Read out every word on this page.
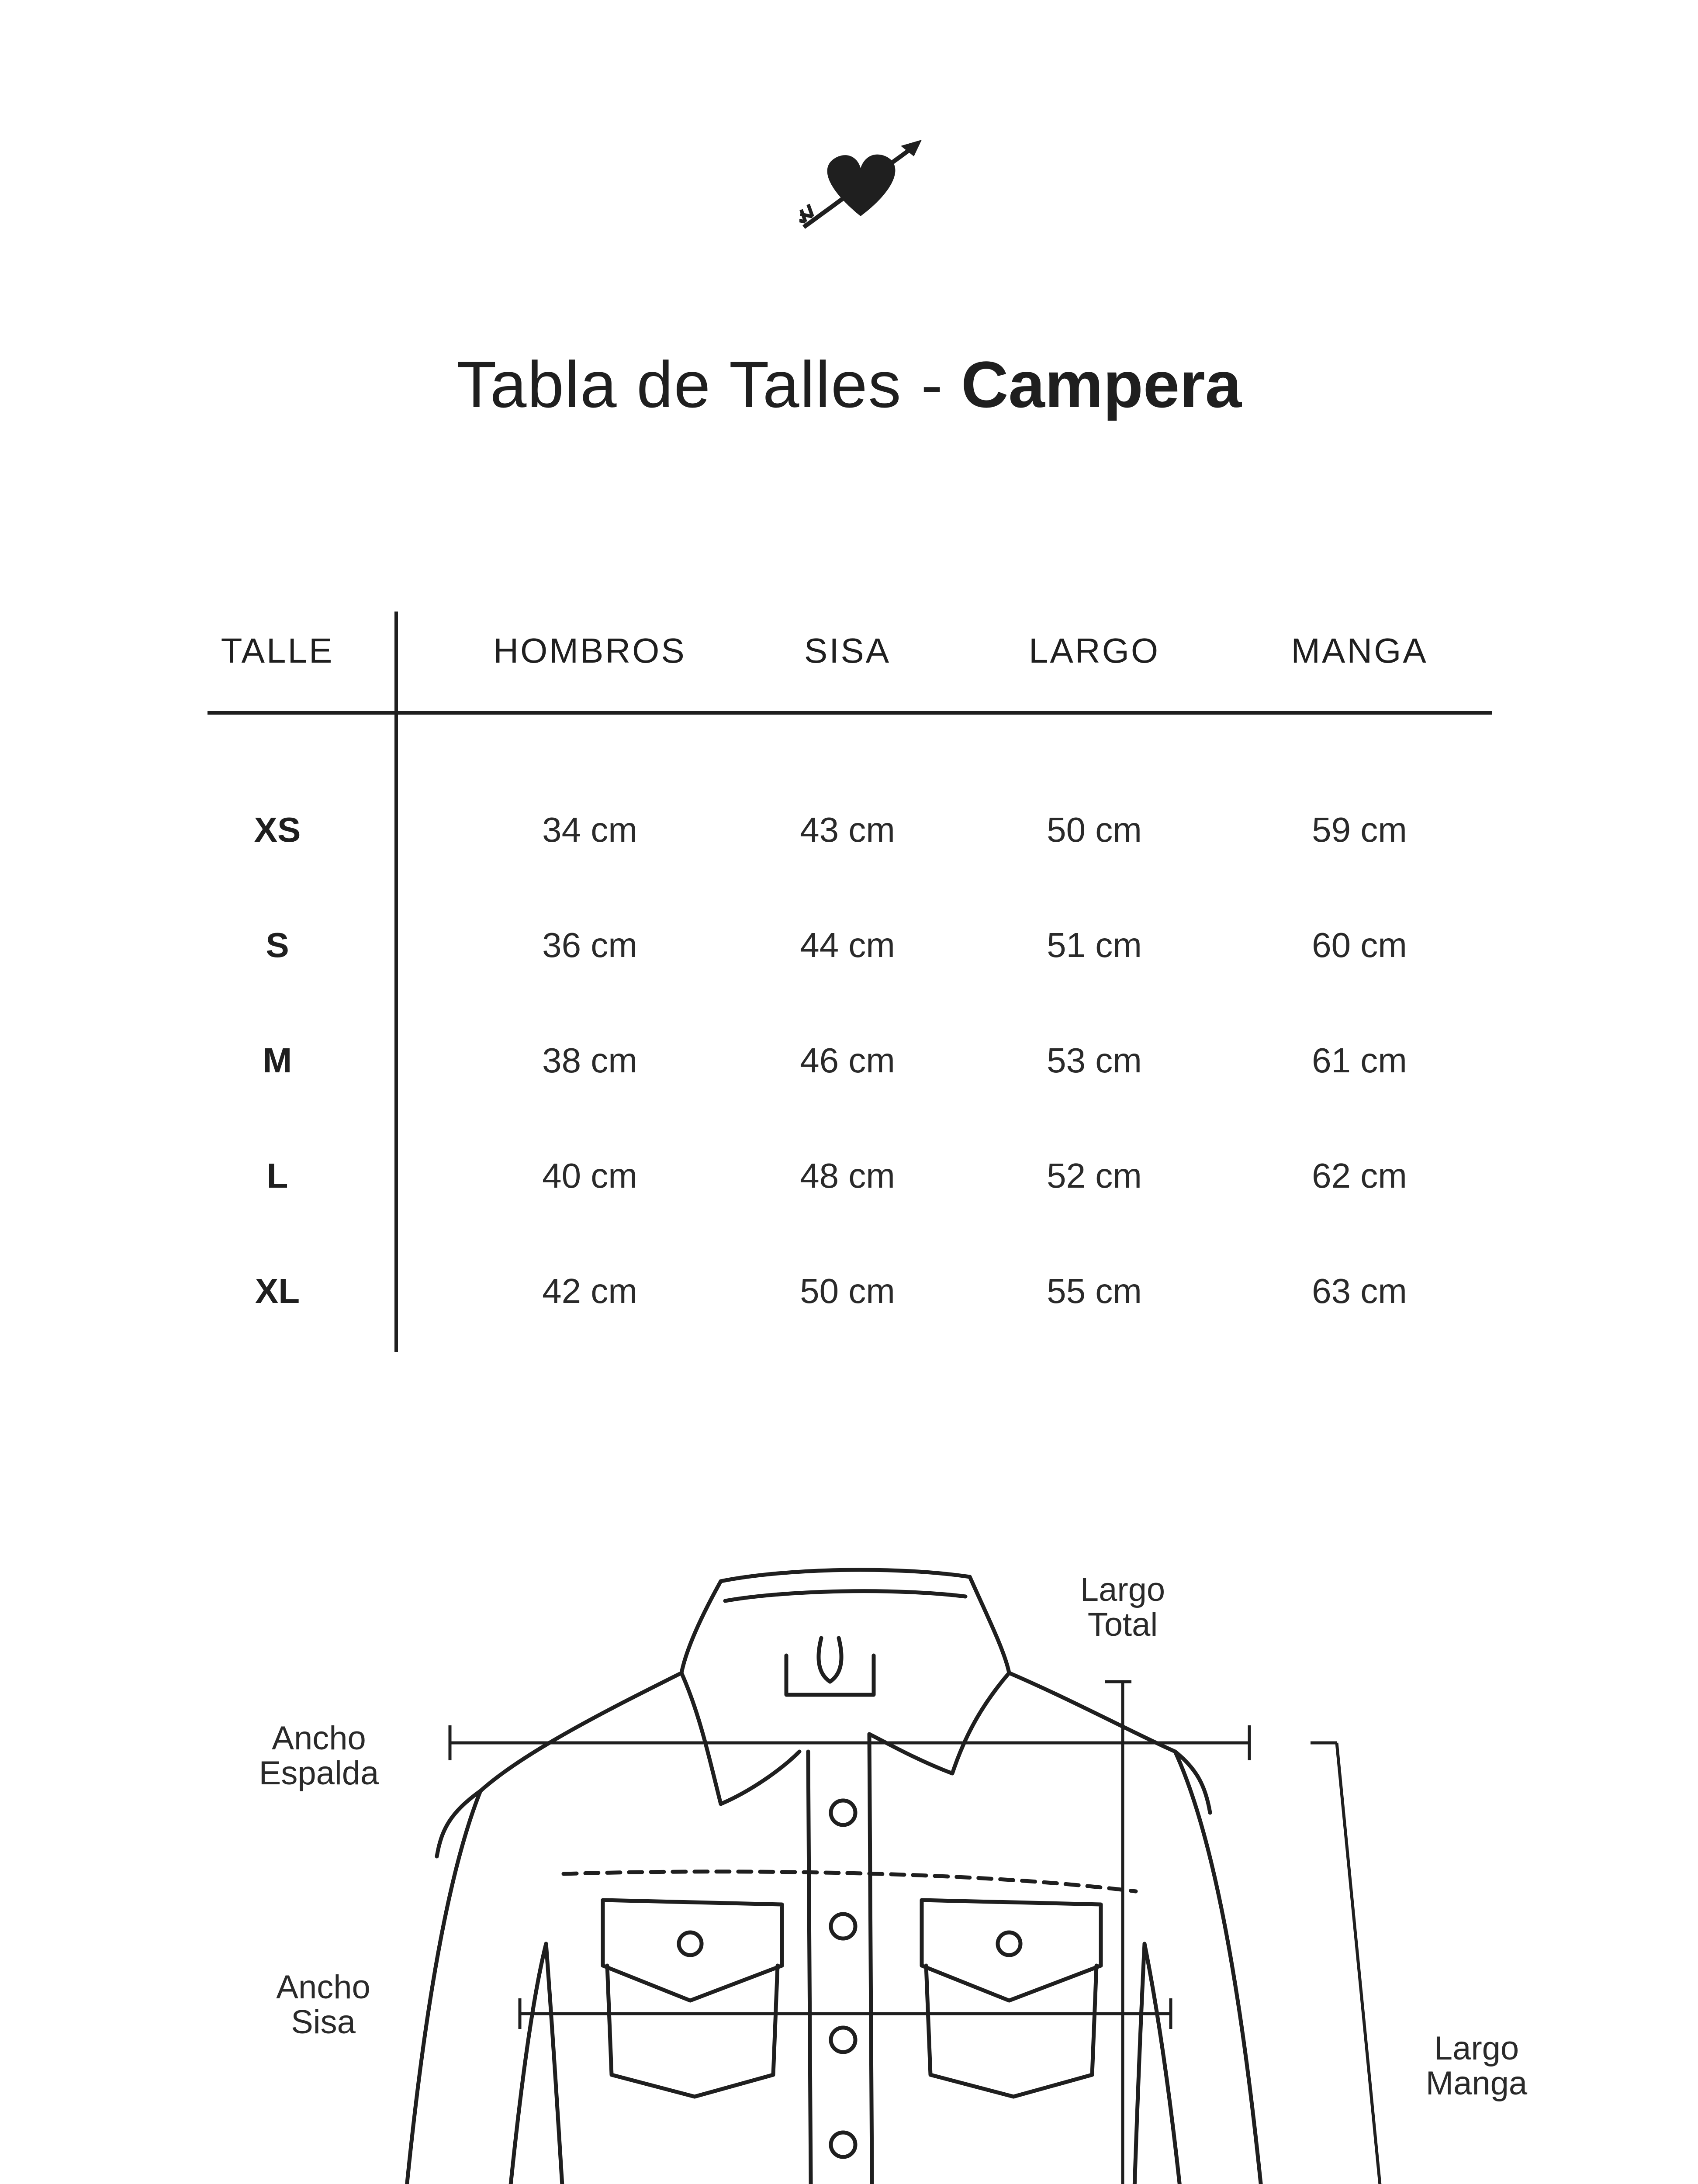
Tabla de Talles - Campera
TALLE	HOMBROS	SISA	LARGO	MANGA
XS	34 cm	43 cm	50 cm	59 cm
S	36 cm	44 cm	51 cm	60 cm
M	38 cm	46 cm	53 cm	61 cm
L	40 cm	48 cm	52 cm	62 cm
XL	42 cm	50 cm	55 cm	63 cm
Largo
Total
Ancho
Espalda
Ancho
Sisa
Largo
Manga
